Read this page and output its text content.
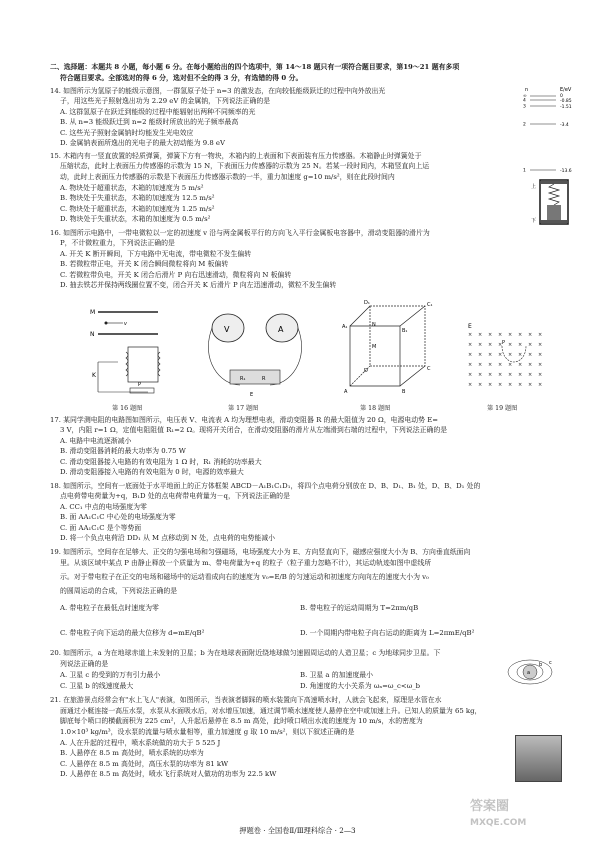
二、选择题：本题共 8 小题，每小题 6 分。在每小题给出的四个选项中，第 14～18 题只有一项符合题目要求，第19～21 题有多项
符合题目要求。全部选对的得 6 分，选对但不全的得 3 分，有选错的得 0 分。
14. 如图所示为氢原子的能级示意图，一群氢原子处于 n=3 的激发态，在向较低能级跃迁的过程中向外放出光
子，用这些光子照射逸出功为 2.29 eV 的金属钠，下列说法正确的是
A. 这群氢原子在跃迁到能级的过程中能辐射出两种不同频率的光
B. 从 n=3 能级跃迁到 n=2 能级时所放出的光子频率最高
C. 这些光子照射金属钠时均能发生光电效应
D. 金属钠表面所逸出的光电子的最大初动能为 9.8 eV
n	E/eV
∞
4
3
2
1
0
-0.85
-1.51
-3.4
-13.6
15. 木箱内有一竖直放置的轻质弹簧，弹簧下方有一物块，木箱内的上表面和下表面装有压力传感器。木箱静止时弹簧处于
压缩状态，此时上表面压力传感器的示数为 15 N，下表面压力传感器的示数为 25 N。若某一段时间内，木箱竖直向上运
动，此时上表面压力传感器的示数是下表面压力传感器示数的一半，重力加速度 g=10 m/s²，则在此段时间内
A. 物块处于超重状态，木箱的加速度为 5 m/s²
B. 物块处于失重状态，木箱的加速度为 12.5 m/s²
C. 物块处于超重状态，木箱的加速度为 1.25 m/s²
D. 物块处于失重状态，木箱的加速度为 0.5 m/s²
上
下
16. 如图所示电路中，一带电微粒以一定的初速度 v 沿与两金属板平行的方向飞入平行金属板电容器中，滑动变阻器的滑片为
P，不计微粒重力，下列说法正确的是
A. 开关 K 断开瞬间，下方电路中无电流，带电微粒不发生偏转
B. 若微粒带正电，开关 K 闭合瞬间微粒将向 M 板偏转
C. 若微粒带负电，开关 K 闭合后滑片 P 向右迅速滑动，微粒将向 N 板偏转
D. 抽去铁芯并保持两线圈位置不变，闭合开关 K 后滑片 P 向左迅速滑动，微粒不发生偏转
M
N
v
K
P
第 16 题图
V	A
R₁	R
E
第 17 题图
A	B
C
D
A₁
B₁
C₁
D₁
M
N
第 18 题图
E
× × × × × × × ×
× × × × × × × ×
× × × × × × × ×
× × × × × × × ×
× × × × × × × ×
× × × × × × × ×
P
第 19 题图
17. 某同学测电阻的电路图如图所示，电压表 V、电流表 A 均为理想电表，滑动变阻器 R 的最大阻值为 20 Ω，电源电动势 E=
3 V，内阻 r=1 Ω，定值电阻阻值 R₁=2 Ω。现将开关闭合，在滑动变阻器的滑片从左端滑到右端的过程中，下列说法正确的是
A. 电路中电流逐渐减小
B. 滑动变阻器消耗的最大功率为 0.75 W
C. 滑动变阻器接入电路的有效电阻为 1 Ω 时，R₁ 消耗的功率最大
D. 滑动变阻器接入电路的有效电阻为 0 时，电源的效率最大
18. 如图所示，空间有一底面处于水平地面上的正方体框架 ABCD－A₁B₁C₁D₁，将四个点电荷分别放在 D、B、D₁、B₁ 处，D、B、D₁ 处的
点电荷带电荷量为+q，B₁D 处的点电荷带电荷量为－q，下列说法正确的是
A. CC₁ 中点的电场强度为零
B. 面 AA₁C₁C 中心处的电场强度为零
C. 面 AA₁C₁C 是个等势面
D. 将一个负点电荷沿 DD₁ 从 M 点移动到 N 处，点电荷的电势能减小
19. 如图所示，空间存在足够大、正交的匀强电场和匀强磁场，电场强度大小为 E、方向竖直向下，磁感应强度大小为 B、方向垂直纸面向
里。从该区域中某点 P 由静止释放一个质量为 m、带电荷量为+q 的粒子（粒子重力忽略不计），其运动轨迹如图中虚线所
示。对于带电粒子在正交的电场和磁场中的运动看成向右的速度为 v₀=E/B 的匀速运动和初速度方向向左的速度大小为 v₀
的圆周运动的合成，下列说法正确的是
A. 带电粒子在最低点时速度为零	B. 带电粒子的运动周期为 T=2πm/qB
C. 带电粒子向下运动的最大位移为 d=mE/qB²	D. 一个周期内带电粒子向右运动的距离为 L=2πmE/qB²
20. 如图所示，a 为在地球赤道上未发射的卫星；b 为在地球表面附近绕地球做匀速圆周运动的人造卫星；c 为地球同步卫星。下
列说法正确的是
A. 卫星 c 的受到的万有引力最小	B. 卫星 a 的加速度最小
C. 卫星 b 的线速度最大	D. 角速度的大小关系为 ωₐ=ω_c<ω_b
c
b
a
21. 在旅游景点经常会有"水上飞人"表演，如图所示，当表演者脚踩的喷水装置向下高速喷水时，人就会飞起来，原理是水管在水
面通过小艇连接一高压水泵，水泵从水面吸水后，对水增压加速，通过调节喷水速度使人悬停在空中或加速上升。已知人的质量为 65 kg，
脚底每个喷口的横截面积为 225 cm²，人升起后悬停在 8.5 m 高处，此时喷口喷出水流的速度为 10 m/s，水的密度为
1.0×10³ kg/m³，设水泵的流量与喷水量相等，重力加速度 g 取 10 m/s²，则以下叙述正确的是
A. 人在升起的过程中，喷水系统做的功大于 5 525 J
B. 人悬停在 8.5 m 高处时，喷水系统的功率为
C. 人悬停在 8.5 m 高处时，高压水泵的功率为 81 kW
D. 人悬停在 8.5 m 高处时，喷水飞行系统对人做功的功率为 22.5 kW
押题卷 · 全国卷Ⅱ/Ⅲ理科综合 · 2—3
答案圈
MXQE.COM
